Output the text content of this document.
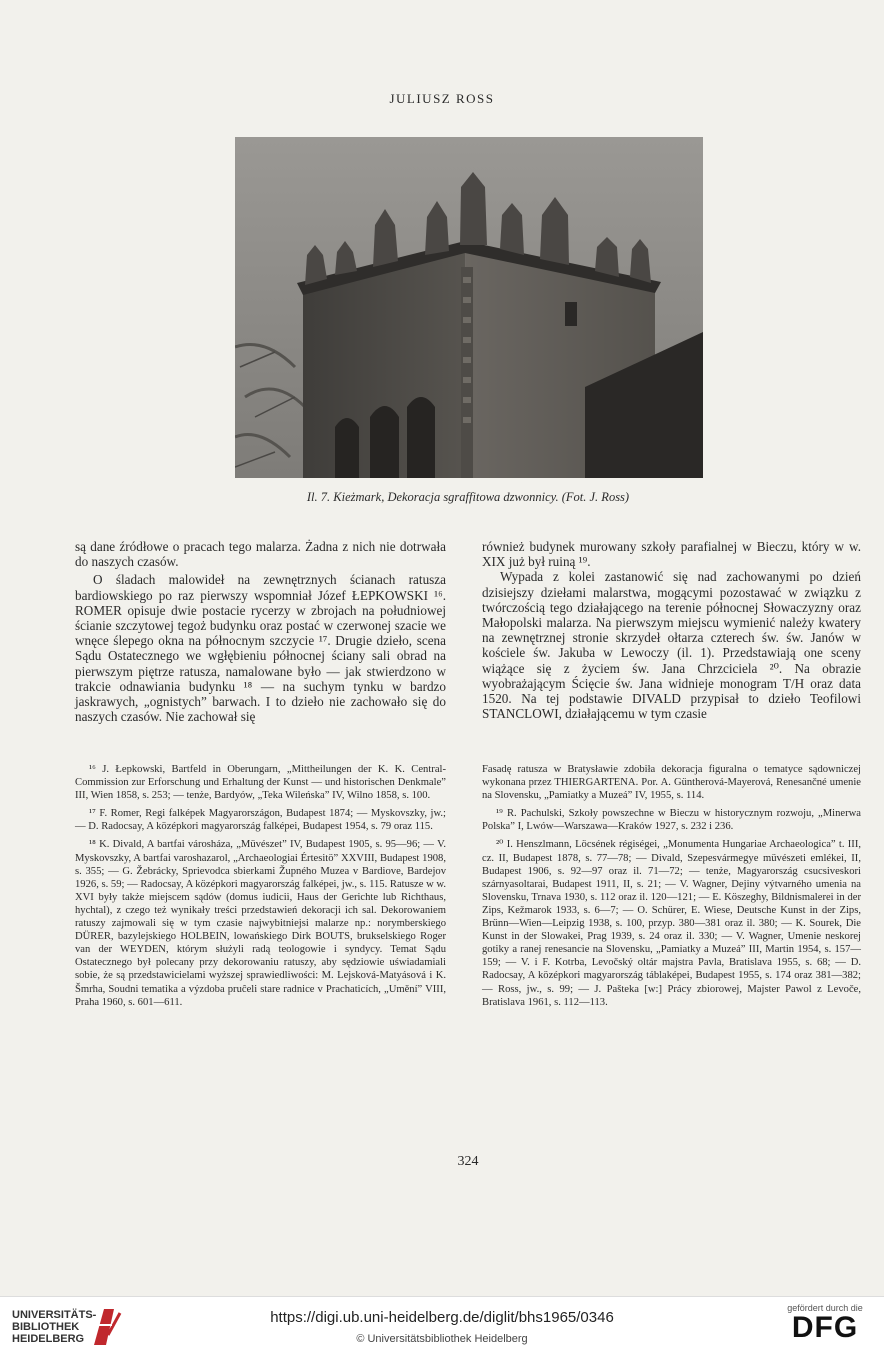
JULIUSZ ROSS
Il. 7. Kieżmark, Dekoracja sgraffitowa dzwonnicy. (Fot. J. Ross)

są dane źródłowe o pracach tego malarza. Żadna z nich nie dotrwała do naszych czasów.

O śladach malowideł na zewnętrznych ścianach ratusza bardiowskiego po raz pierwszy wspomniał Józef ŁEPKOWSKI ¹⁶. ROMER opisuje dwie postacie rycerzy w zbrojach na południowej ścianie szczytowej tegoż budynku oraz postać w czerwonej szacie we wnęce ślepego okna na północnym szczycie ¹⁷. Drugie dzieło, scena Sądu Ostatecznego we wgłębieniu północnej ściany sali obrad na pierwszym piętrze ratusza, namalowane było — jak stwierdzono w trakcie odnawiania budynku ¹⁸ — na suchym tynku w bardzo jaskrawych, „ognistych” barwach. I to dzieło nie zachowało się do naszych czasów. Nie zachował się

również budynek murowany szkoły parafialnej w Bieczu, który w w. XIX już był ruiną ¹⁹.

Wypada z kolei zastanowić się nad zachowanymi po dzień dzisiejszy dziełami malarstwa, mogącymi pozostawać w związku z twórczością tego działającego na terenie północnej Słowaczyzny oraz Małopolski malarza. Na pierwszym miejscu wymienić należy kwatery na zewnętrznej stronie skrzydeł ołtarza czterech św. św. Janów w kościele św. Jakuba w Lewoczy (il. 1). Przedstawiają one sceny wiążące się z życiem św. Jana Chrzciciela ²⁰. Na obrazie wyobrażającym Ścięcie św. Jana widnieje monogram T/H oraz data 1520. Na tej podstawie DIVALD przypisał to dzieło Teofilowi STANCLOWI, działającemu w tym czasie

¹⁶ J. Łepkowski, Bartfeld in Oberungarn, „Mittheilungen der K. K. Central-Commission zur Erforschung und Erhaltung der Kunst — und historischen Denkmale” III, Wien 1858, s. 253; — tenże, Bardyów, „Teka Wileńska” IV, Wilno 1858, s. 100.

¹⁷ F. Romer, Regi falképek Magyarországon, Budapest 1874; — Myskovszky, jw.; — D. Radocsay, A középkori magyarország falképei, Budapest 1954, s. 79 oraz 115.

¹⁸ K. Divald, A bartfai városháza, „Müvészet” IV, Budapest 1905, s. 95—96; — V. Myskovszky, A bartfai varoshazarol, „Archaeologiai Értesitö” XXVIII, Budapest 1908, s. 355; — G. Žebrácky, Sprievodca sbierkami Župného Muzea v Bardiove, Bardejov 1926, s. 59; — Radocsay, A középkori magyarország falképei, jw., s. 115. Ratusze w w. XVI były także miejscem sądów (domus iudicii, Haus der Gerichte lub Richthaus, hychtal), z czego też wynikały treści przedstawień dekoracji ich sal. Dekorowaniem ratuszy zajmowali się w tym czasie najwybitniejsi malarze np.: norymberskiego DÜRER, bazylejskiego HOLBEIN, lowańskiego Dirk BOUTS, brukselskiego Roger van der WEYDEN, którym służyli radą teologowie i syndycy. Temat Sądu Ostatecznego był polecany przy dekorowaniu ratuszy, aby sędziowie uświadamiali sobie, że są przedstawicielami wyższej sprawiedliwości: M. Lejsková-Matyásová i K. Šmrha, Soudni tematika a výzdoba pruĉeli stare radnice v Prachaticích, „Umění” VIII, Praha 1960, s. 601—611.

Fasadę ratusza w Bratysławie zdobiła dekoracja figuralna o tematyce sądowniczej wykonana przez THIERGARTENA. Por. A. Güntherová-Mayerová, Renesančné umenie na Slovensku, „Pamiatky a Muzeá” IV, 1955, s. 114.

¹⁹ R. Pachulski, Szkoły powszechne w Bieczu w historycznym rozwoju, „Minerwa Polska” I, Lwów—Warszawa—Kraków 1927, s. 232 i 236.

²⁰ I. Henszlmann, Löcsének régiségei, „Monumenta Hungariae Archaeologica” t. III, cz. II, Budapest 1878, s. 77—78; — Divald, Szepesvármegye müvészeti emlékei, II, Budapest 1906, s. 92—97 oraz il. 71—72; — tenże, Magyarország csucsiveskori szárnyasoltarai, Budapest 1911, II, s. 21; — V. Wagner, Dejiny výtvarného umenia na Slovensku, Trnava 1930, s. 112 oraz il. 120—121; — E. Köszeghy, Bildnismalerei in der Zips, Kežmarok 1933, s. 6—7; — O. Schürer, E. Wiese, Deutsche Kunst in der Zips, Brünn—Wien—Leipzig 1938, s. 100, przyp. 380—381 oraz il. 380; — K. Sourek, Die Kunst in der Slowakei, Prag 1939, s. 24 oraz il. 330; — V. Wagner, Umenie neskorej gotiky a ranej renesancie na Slovensku, „Pamiatky a Muzeá” III, Martin 1954, s. 157—159; — V. i F. Kotrba, Levočský oltár majstra Pavla, Bratislava 1955, s. 68; — D. Radocsay, A középkori magyarország táblaképei, Budapest 1955, s. 174 oraz 381—382; — Ross, jw., s. 99; — J. Pašteka [w:] Prácy zbiorowej, Majster Pawol z Levoče, Bratislava 1961, s. 112—113.

324
UNIVERSITÄTS-
BIBLIOTHEK
HEIDELBERG
https://digi.ub.uni-heidelberg.de/diglit/bhs1965/0346
© Universitätsbibliothek Heidelberg
gefördert durch die
DFG
